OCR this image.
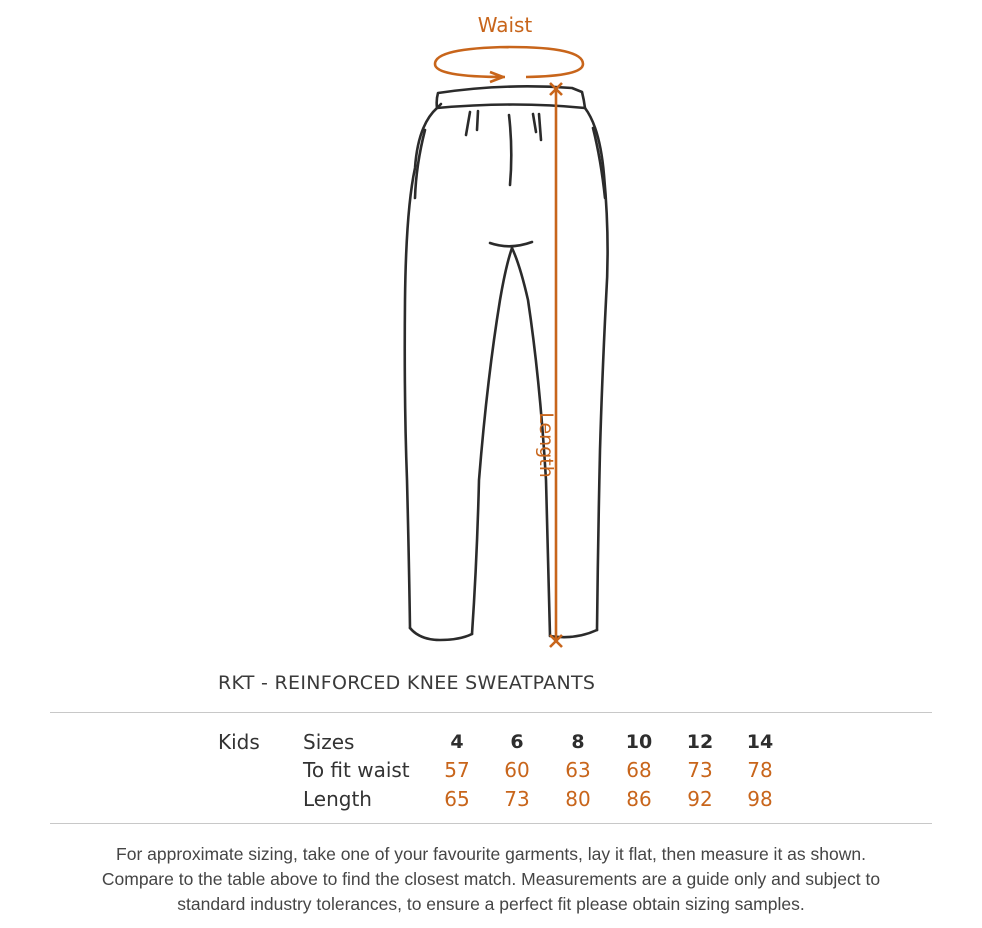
Waist
Length
RKT - REINFORCED KNEE SWEATPANTS
Kids Sizes	4	6	8	10	12	14
To fit waist	57	60	63	68	73	78
Length	65	73	80	86	92	98
For approximate sizing, take one of your favourite garments, lay it flat, then measure it as shown.
Compare to the table above to find the closest match. Measurements are a guide only and subject to
standard industry tolerances, to ensure a perfect fit please obtain sizing samples.
